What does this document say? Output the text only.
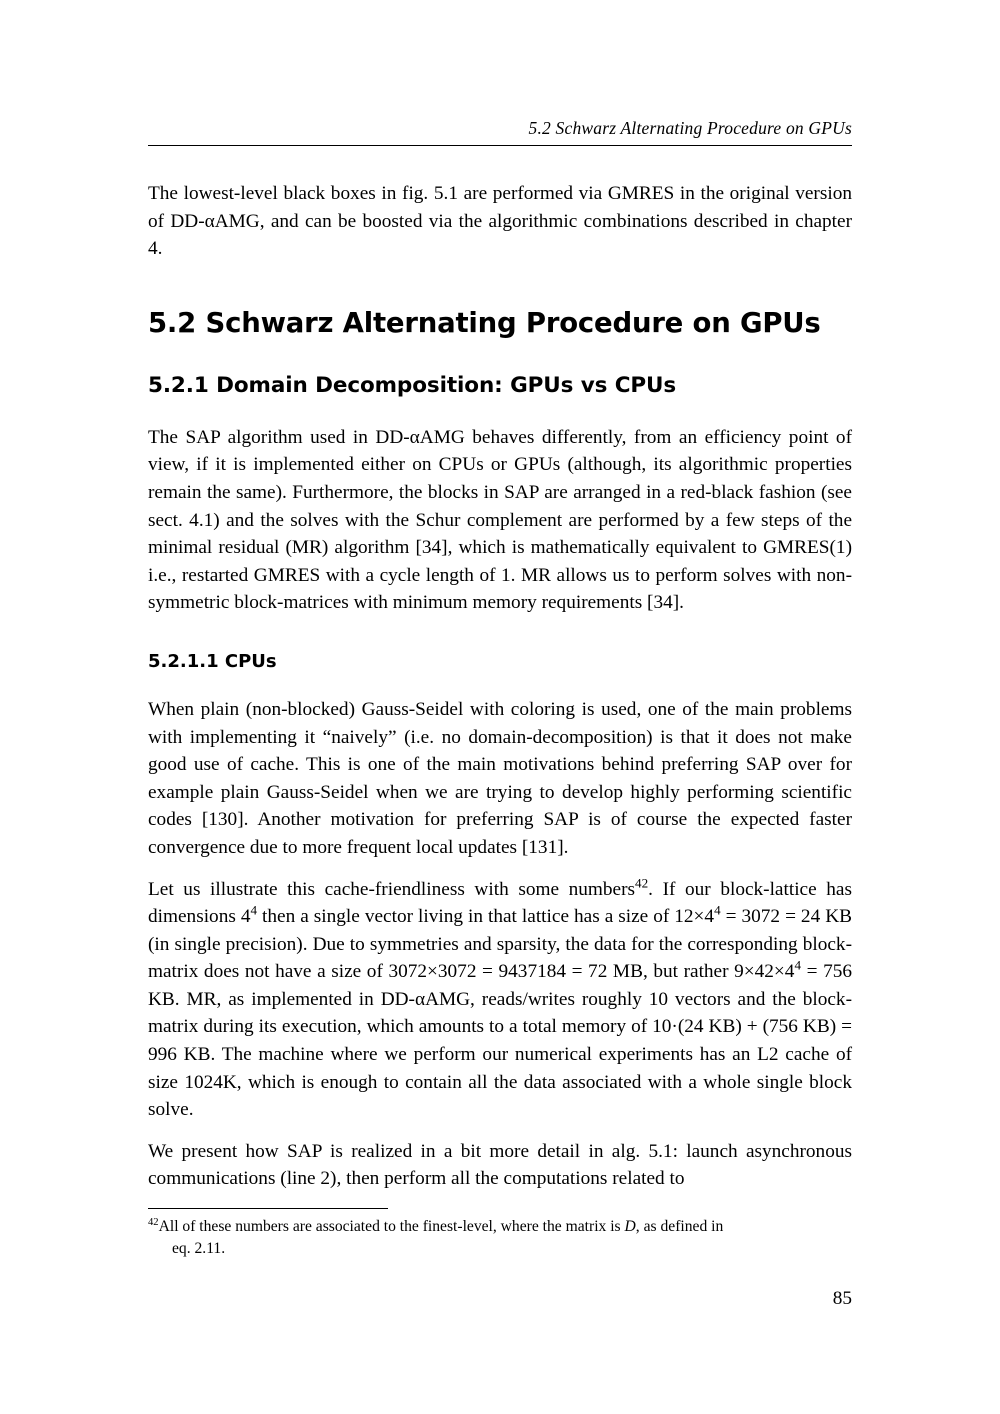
5.2 Schwarz Alternating Procedure on GPUs

The lowest-level black boxes in fig. 5.1 are performed via GMRES in the original version of DD-αAMG, and can be boosted via the algorithmic combinations described in chapter 4.

5.2 Schwarz Alternating Procedure on GPUs
5.2.1 Domain Decomposition: GPUs vs CPUs

The SAP algorithm used in DD-αAMG behaves differently, from an efficiency point of view, if it is implemented either on CPUs or GPUs (although, its algorithmic properties remain the same). Furthermore, the blocks in SAP are arranged in a red-black fashion (see sect. 4.1) and the solves with the Schur complement are performed by a few steps of the minimal residual (MR) algorithm [34], which is mathematically equivalent to GMRES(1) i.e., restarted GMRES with a cycle length of 1. MR allows us to perform solves with non-symmetric block-matrices with minimum memory requirements [34].

5.2.1.1 CPUs

When plain (non-blocked) Gauss-Seidel with coloring is used, one of the main problems with implementing it “naively” (i.e. no domain-decomposition) is that it does not make good use of cache. This is one of the main motivations behind preferring SAP over for example plain Gauss-Seidel when we are trying to develop highly performing scientific codes [130]. Another motivation for preferring SAP is of course the expected faster convergence due to more frequent local updates [131].

Let us illustrate this cache-friendliness with some numbers$^{42}$. If our block-lattice has dimensions $4^4$ then a single vector living in that lattice has a size of $12\times 4^4 = 3072 = 24$ KB (in single precision). Due to symmetries and sparsity, the data for the corresponding block-matrix does not have a size of 3072×3072 = 9437184 = 72 MB, but rather $9\times 42\times 4^4 = 756$ KB. MR, as implemented in DD-αAMG, reads/writes roughly 10 vectors and the block-matrix during its execution, which amounts to a total memory of 10·(24 KB) + (756 KB) = 996 KB. The machine where we perform our numerical experiments has an L2 cache of size 1024K, which is enough to contain all the data associated with a whole single block solve.

We present how SAP is realized in a bit more detail in alg. 5.1: launch asynchronous communications (line 2), then perform all the computations related to

$^{42}$All of these numbers are associated to the finest-level, where the matrix is D, as defined in
eq. 2.11.
85
